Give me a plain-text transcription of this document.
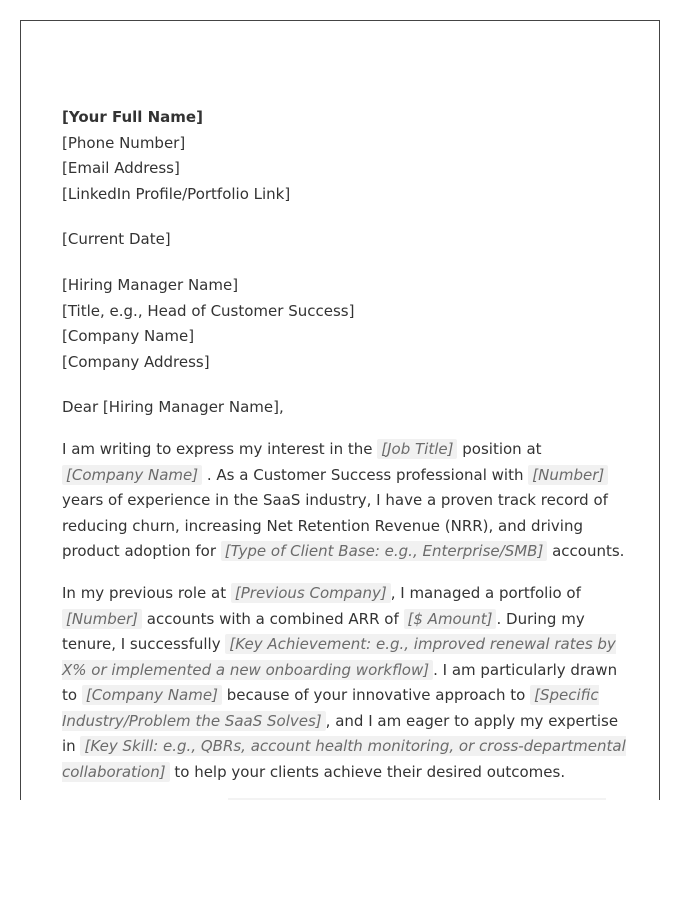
[Your Full Name]
[Phone Number]
[Email Address]
[LinkedIn Profile/Portfolio Link]
[Current Date]
[Hiring Manager Name]
[Title, e.g., Head of Customer Success]
[Company Name]
[Company Address]
Dear [Hiring Manager Name],

I am writing to express my interest in the [Job Title] position at [Company Name] . As a Customer Success professional with [Number] years of experience in the SaaS industry, I have a proven track record of reducing churn, increasing Net Retention Revenue (NRR), and driving product adoption for [Type of Client Base: e.g., Enterprise/SMB] accounts.

In my previous role at [Previous Company] , I managed a portfolio of [Number] accounts with a combined ARR of [$ Amount] . During my tenure, I successfully [Key Achievement: e.g., improved renewal rates by X% or implemented a new onboarding workflow] . I am particularly drawn to [Company Name] because of your innovative approach to [Specific Industry/Problem the SaaS Solves] , and I am eager to apply my expertise in [Key Skill: e.g., QBRs, account health monitoring, or cross-departmental collaboration] to help your clients achieve their desired outcomes.
